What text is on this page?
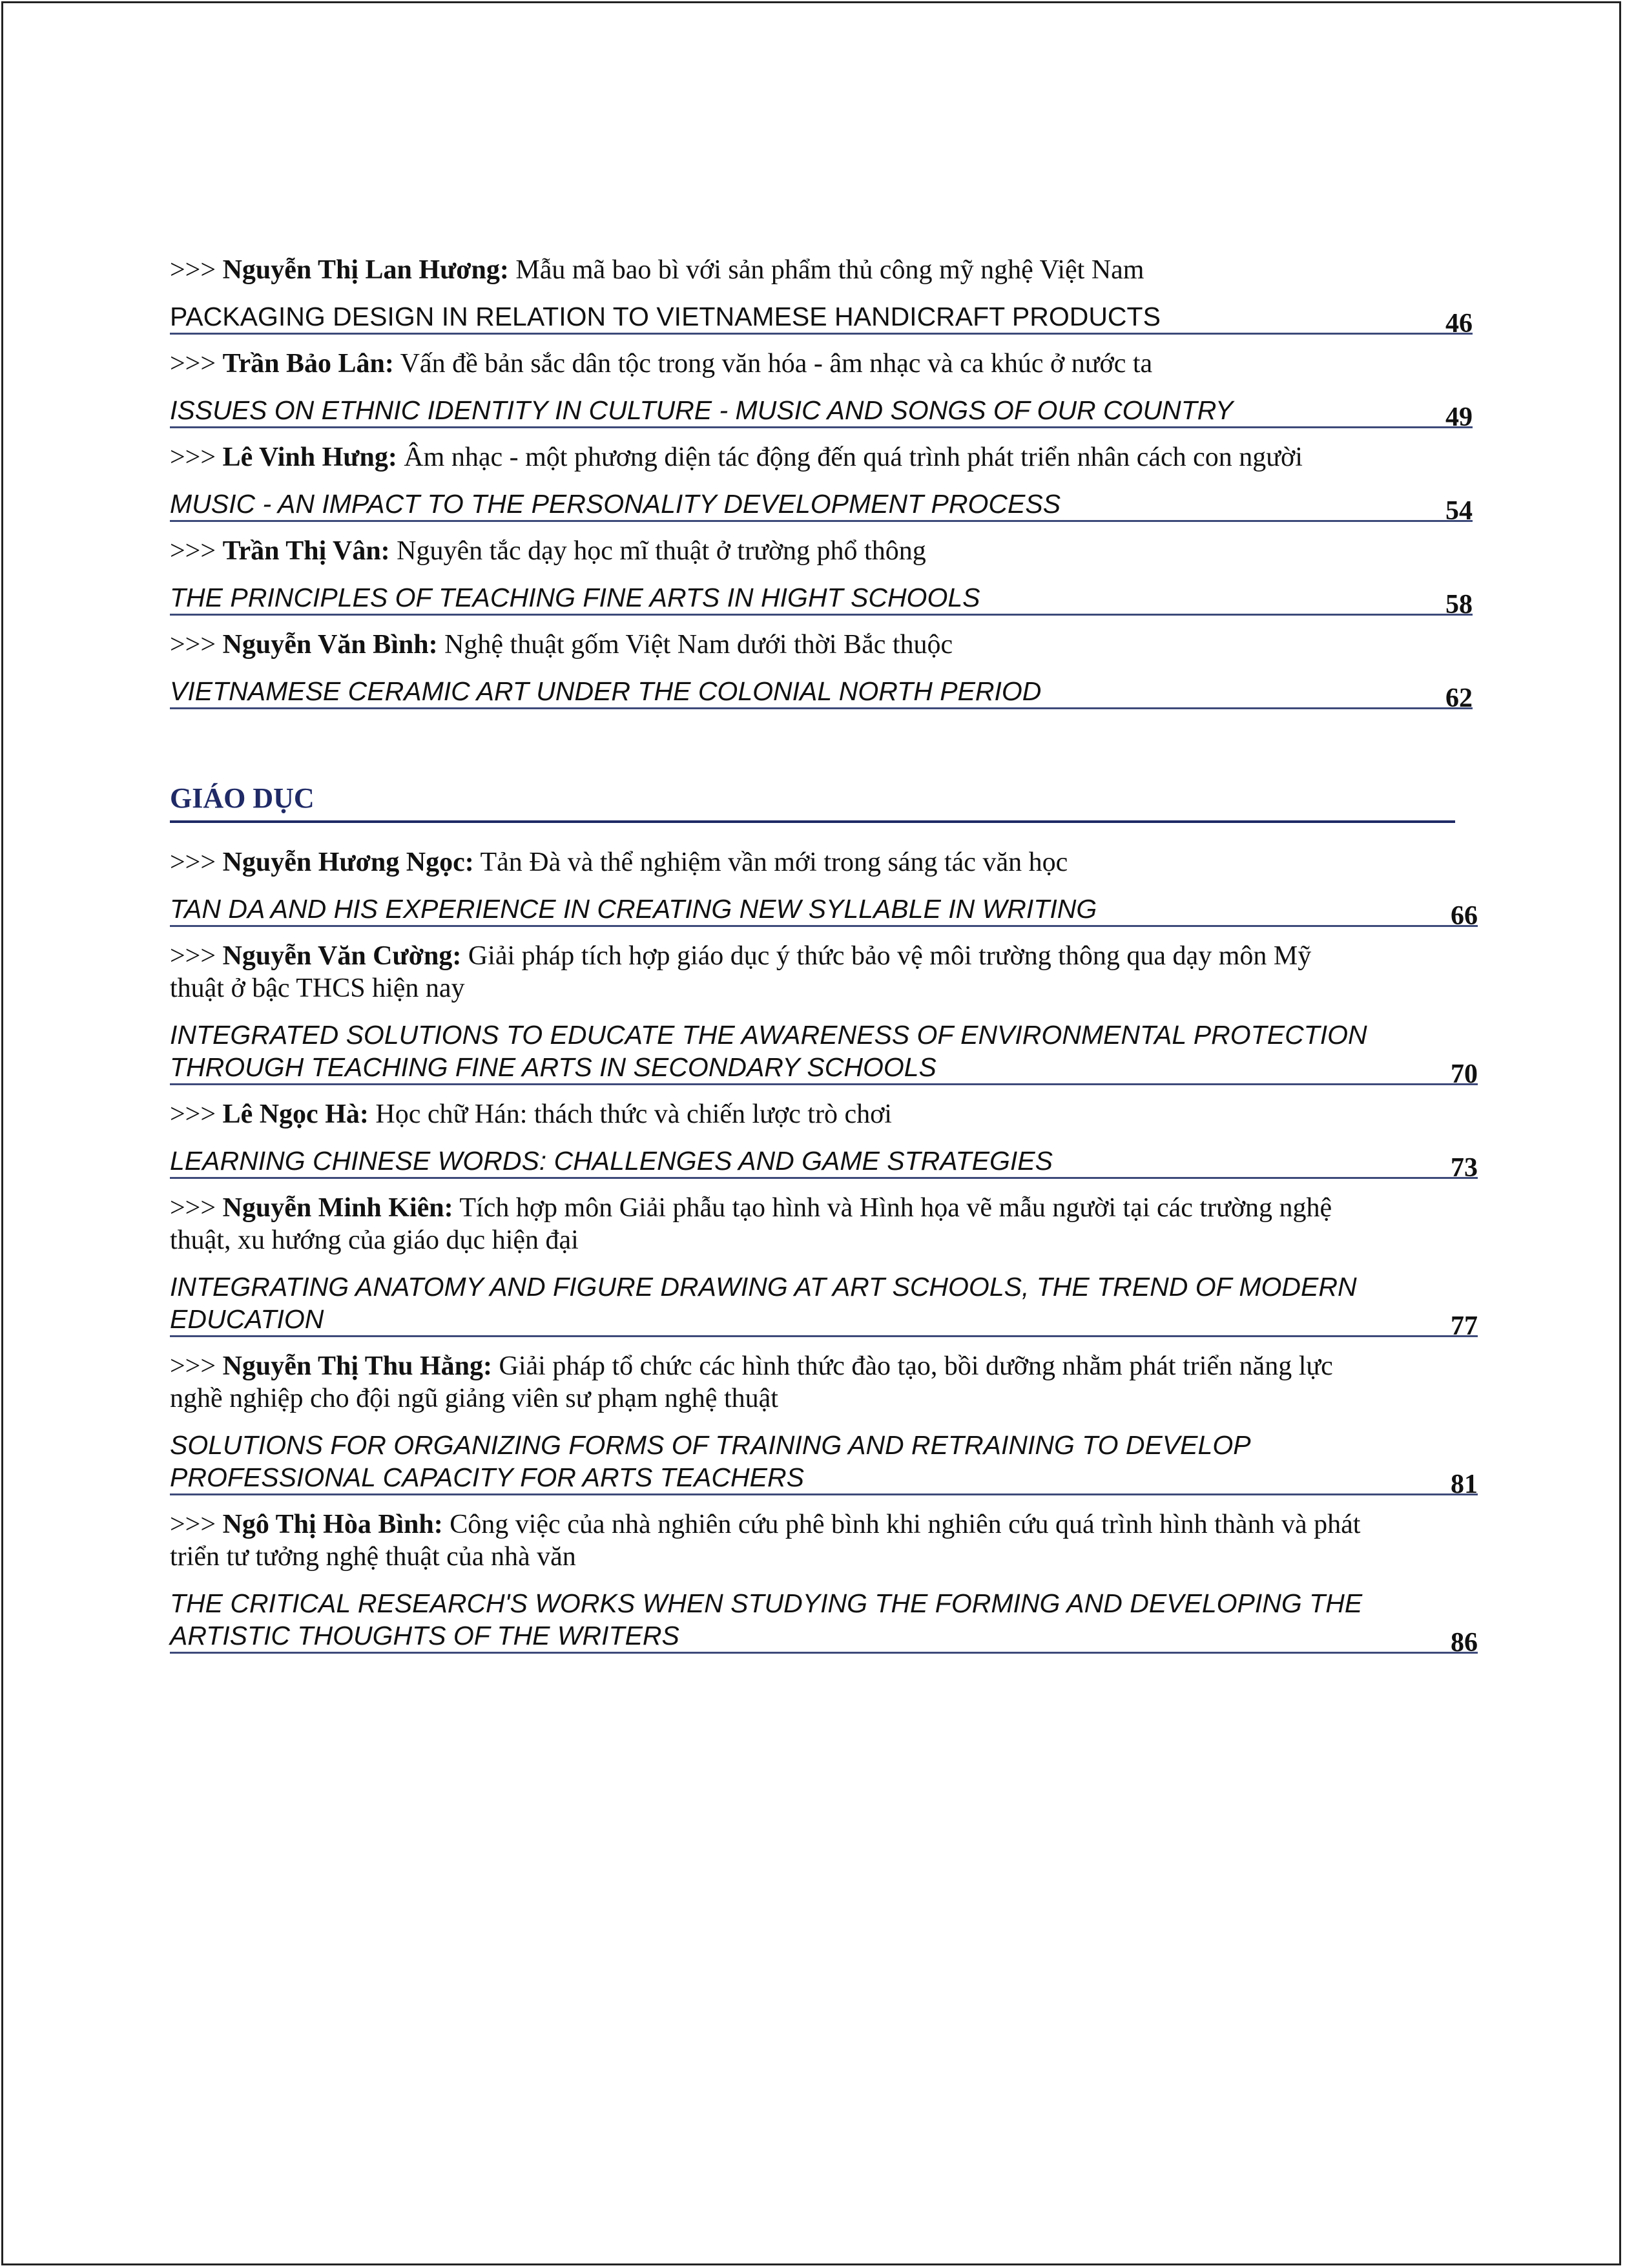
>>> Nguyễn Thị Lan Hương: Mẫu mã bao bì với sản phẩm thủ công mỹ nghệ Việt Nam
PACKAGING DESIGN IN RELATION TO VIETNAMESE HANDICRAFT PRODUCTS	46
>>> Trần Bảo Lân: Vấn đề bản sắc dân tộc trong văn hóa - âm nhạc và ca khúc ở nước ta
ISSUES ON ETHNIC IDENTITY IN CULTURE - MUSIC AND SONGS OF OUR COUNTRY	49
>>> Lê Vinh Hưng: Âm nhạc - một phương diện tác động đến quá trình phát triển nhân cách con người
MUSIC - AN IMPACT TO THE PERSONALITY DEVELOPMENT PROCESS	54
>>> Trần Thị Vân: Nguyên tắc dạy học mĩ thuật ở trường phổ thông
THE PRINCIPLES OF TEACHING FINE ARTS IN HIGHT SCHOOLS	58
>>> Nguyễn Văn Bình: Nghệ thuật gốm Việt Nam dưới thời Bắc thuộc
VIETNAMESE CERAMIC ART UNDER THE COLONIAL NORTH PERIOD	62
GIÁO DỤC
>>> Nguyễn Hương Ngọc: Tản Đà và thể nghiệm vần mới trong sáng tác văn học
TAN DA AND HIS EXPERIENCE IN CREATING NEW SYLLABLE IN WRITING	66
>>> Nguyễn Văn Cường: Giải pháp tích hợp giáo dục ý thức bảo vệ môi trường thông qua dạy môn Mỹ thuật ở bậc THCS hiện nay
INTEGRATED SOLUTIONS TO EDUCATE THE AWARENESS OF ENVIRONMENTAL PROTECTION THROUGH TEACHING FINE ARTS IN SECONDARY SCHOOLS	70
>>> Lê Ngọc Hà: Học chữ Hán: thách thức và chiến lược trò chơi
LEARNING CHINESE WORDS: CHALLENGES AND GAME STRATEGIES	73
>>> Nguyễn Minh Kiên: Tích hợp môn Giải phẫu tạo hình và Hình họa vẽ mẫu người tại các trường nghệ thuật, xu hướng của giáo dục hiện đại
INTEGRATING ANATOMY AND FIGURE DRAWING AT ART SCHOOLS, THE TREND OF MODERN EDUCATION	77
>>> Nguyễn Thị Thu Hằng: Giải pháp tổ chức các hình thức đào tạo, bồi dưỡng nhằm phát triển năng lực nghề nghiệp cho đội ngũ giảng viên sư phạm nghệ thuật
SOLUTIONS FOR ORGANIZING FORMS OF TRAINING AND RETRAINING TO DEVELOP PROFESSIONAL CAPACITY FOR ARTS TEACHERS	81
>>> Ngô Thị Hòa Bình: Công việc của nhà nghiên cứu phê bình khi nghiên cứu quá trình hình thành và phát triển tư tưởng nghệ thuật của nhà văn
THE CRITICAL RESEARCH'S WORKS WHEN STUDYING THE FORMING AND DEVELOPING THE ARTISTIC THOUGHTS OF THE WRITERS	86
